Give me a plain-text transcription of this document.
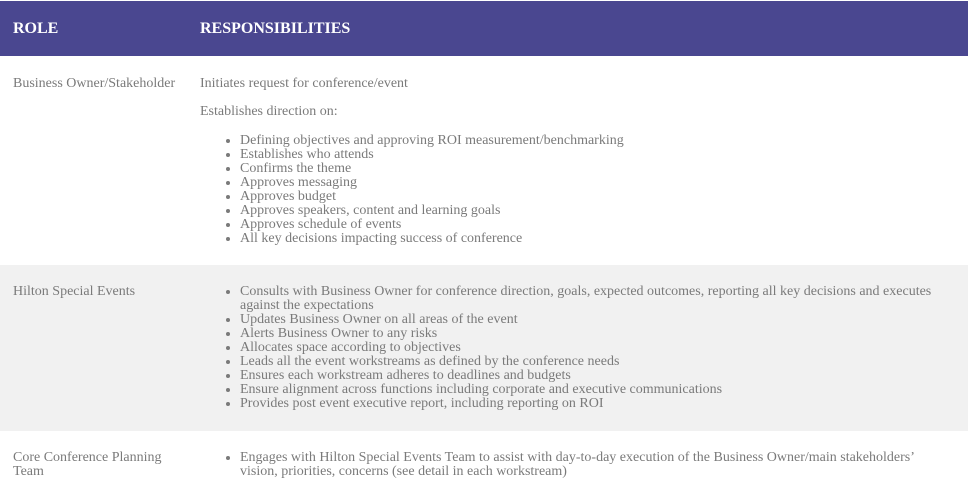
ROLE	RESPONSIBILITIES
Business Owner/Stakeholder	Initiates request for conference/event

Establishes direction on:

• Defining objectives and approving ROI measurement/benchmarking
• Establishes who attends
• Confirms the theme
• Approves messaging
• Approves budget
• Approves speakers, content and learning goals
• Approves schedule of events
• All key decisions impacting success of conference
Hilton Special Events
•	Consults with Business Owner for conference direction, goals, expected outcomes, reporting all key decisions and executes against the expectations
• Updates Business Owner on all areas of the event
• Alerts Business Owner to any risks
• Allocates space according to objectives
• Leads all the event workstreams as defined by the conference needs
• Ensures each workstream adheres to deadlines and budgets
• Ensure alignment across functions including corporate and executive communications
• Provides post event executive report, including reporting on ROI
Core Conference Planning Team
• Engages with Hilton Special Events Team to assist with day-to-day execution of the Business Owner/main stakeholders’ vision, priorities, concerns (see detail in each workstream)
